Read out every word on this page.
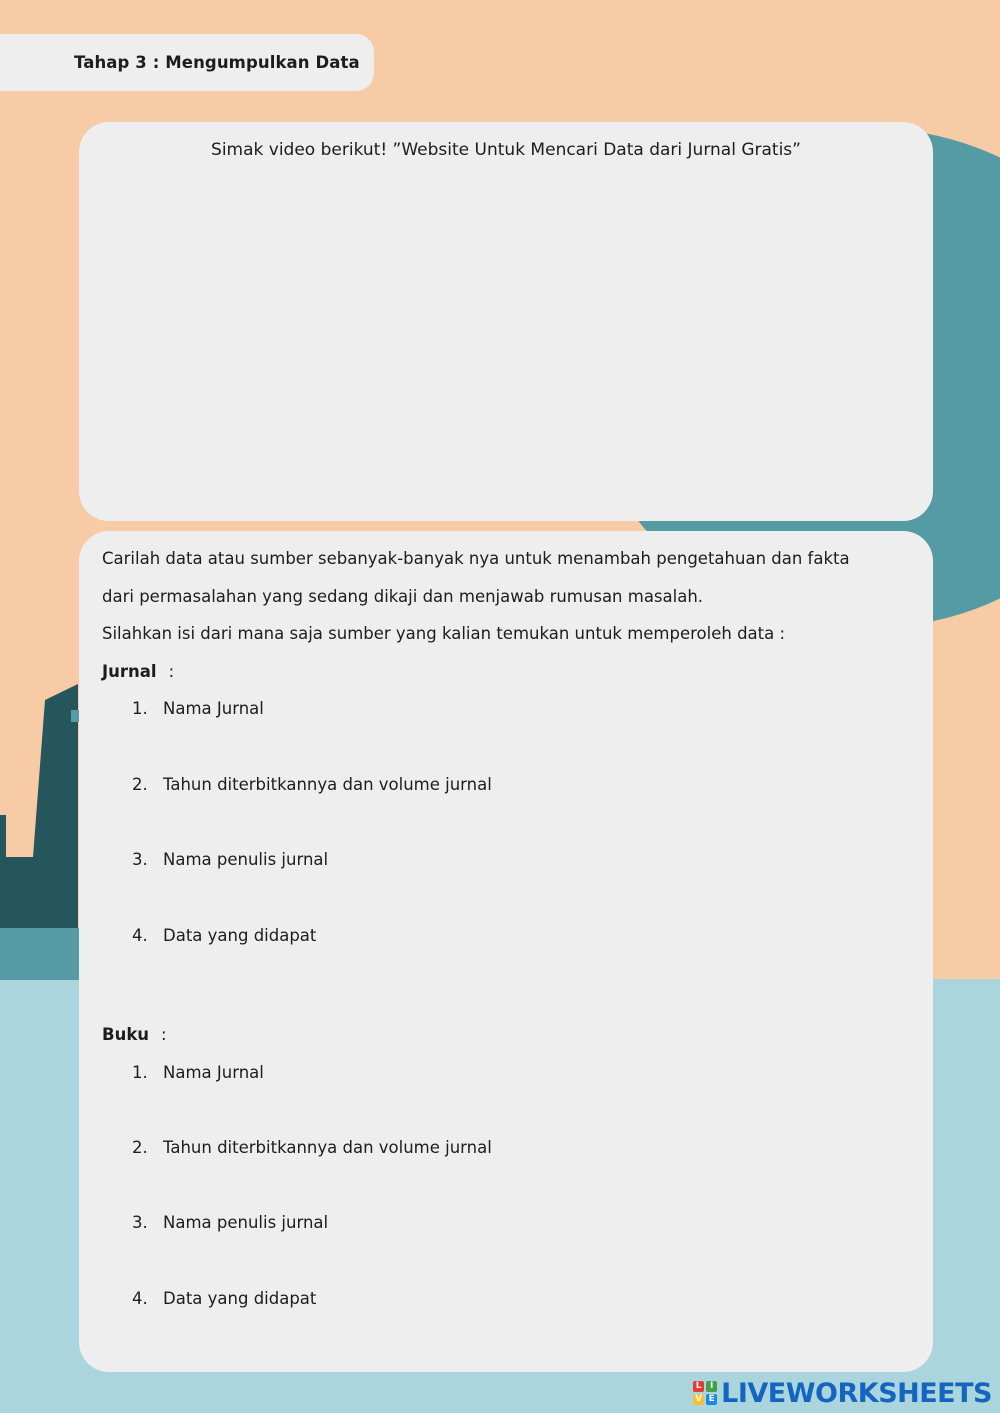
Tahap 3 : Mengumpulkan Data
Simak video berikut! ”Website Untuk Mencari Data dari Jurnal Gratis”
Carilah data atau sumber sebanyak-banyak nya untuk menambah pengetahuan dan fakta
dari permasalahan yang sedang dikaji dan menjawab rumusan masalah.
Silahkan isi dari mana saja sumber yang kalian temukan untuk memperoleh data :
Jurnal :
1. Nama Jurnal
2. Tahun diterbitkannya dan volume jurnal
3. Nama penulis jurnal
4. Data yang didapat
Buku :
1. Nama Jurnal
2. Tahun diterbitkannya dan volume jurnal
3. Nama penulis jurnal
4. Data yang didapat
L I
V E LIVEWORKSHEETS
